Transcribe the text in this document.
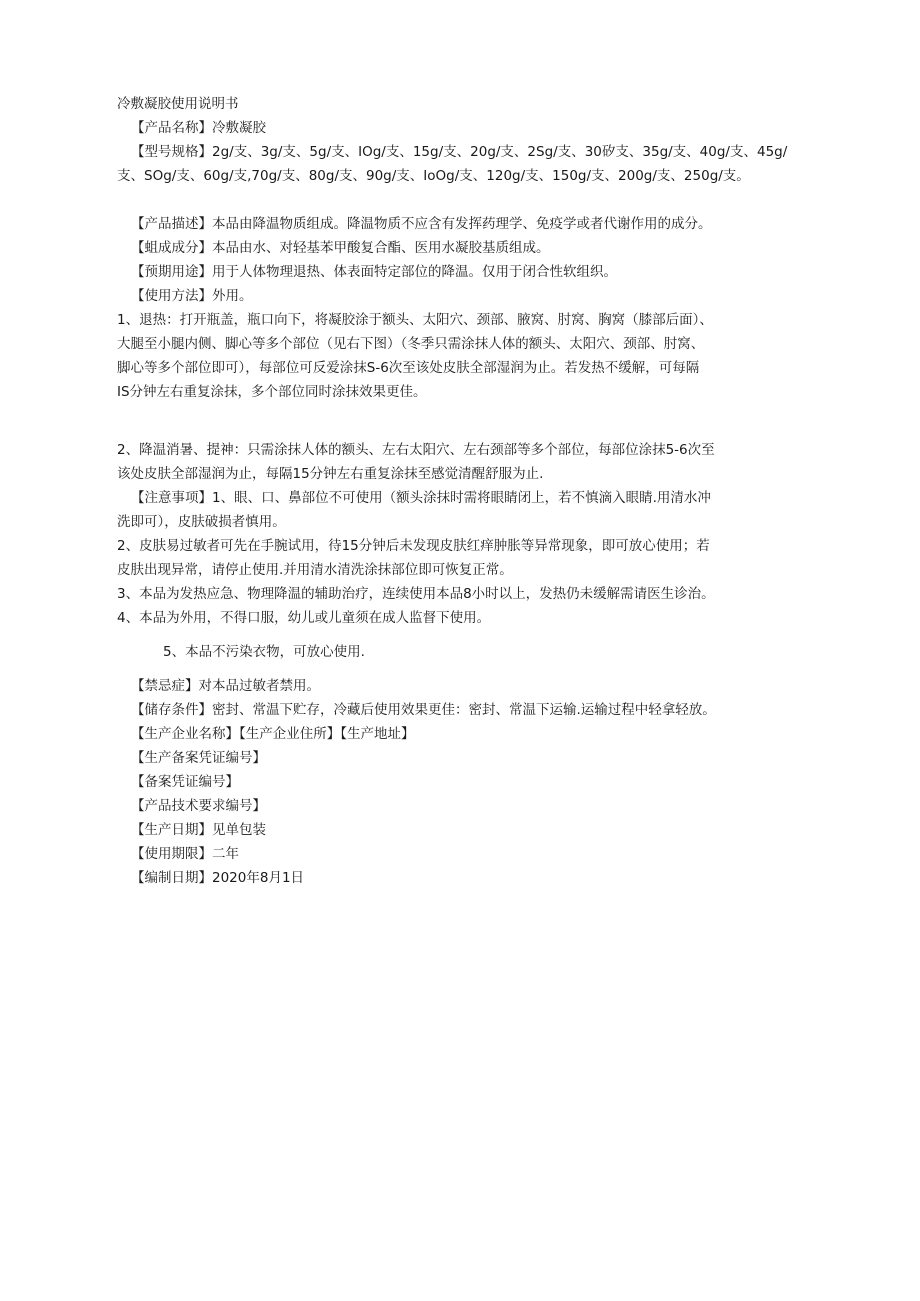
冷敷凝胶使用说明书

【产品名称】冷敷凝胶

【型号规格】2g/支、3g/支、5g/支、IOg/支、15g/支、20g/支、2Sg/支、30矽支、35g/支、40g/支、45g/

支、SOg/支、60g/支,70g/支、80g/支、90g/支、IoOg/支、120g/支、150g/支、200g/支、250g/支。

【产品描述】本品由降温物质组成。降温物质不应含有发挥药理学、免疫学或者代谢作用的成分。

【蛆成成分】本品由水、对轻基苯甲酸复合酯、医用水凝胶基质组成。

【预期用途】用于人体物理退热、体表面特定部位的降温。仅用于闭合性软组织。

【使用方法】外用。

1、退热：打开瓶盖，瓶口向下，将凝胶涂于额头、太阳穴、颈部、腋窝、肘窝、胸窝（膝部后面）、

大腿至小腿内侧、脚心等多个部位（见右下图）（冬季只需涂抹人体的额头、太阳穴、颈部、肘窝、

脚心等多个部位即可），每部位可反爱涂抹S-6次至该处皮肤全部湿润为止。若发热不缓解，可每隔

IS分钟左右重复涂抹，多个部位同时涂抹效果更佳。

2、降温消暑、提神：只需涂抹人体的额头、左右太阳穴、左右颈部等多个部位，每部位涂抹5-6次至

该处皮肤全部湿润为止，每隔15分钟左右重复涂抹至感觉清醒舒服为止.

【注意事项】1、眼、口、鼻部位不可使用（额头涂抹时需将眼睛闭上，若不慎滴入眼睛.用清水冲

洗即可），皮肤破损者慎用。

2、皮肤易过敏者可先在手腕试用，待15分钟后未发现皮肤红痒肿胀等异常现象，即可放心使用；若

皮肤出现异常，请停止使用.并用清水清洗涂抹部位即可恢复正常。

3、本品为发热应急、物理降温的辅助治疗，连续使用本品8小时以上，发热仍未缓解需请医生诊治。

4、本品为外用，不得口服，幼儿或儿童须在成人监督下使用。

5、本品不污染衣物，可放心使用.

【禁忌症】对本品过敏者禁用。

【储存条件】密封、常温下贮存，冷藏后使用效果更佳：密封、常温下运输.运输过程中轻拿轻放。

【生产企业名称】【生产企业住所】【生产地址】

【生产备案凭证编号】

【备案凭证编号】

【产品技术要求编号】

【生产日期】见单包装

【使用期限】二年

【编制日期】2020年8月1日
